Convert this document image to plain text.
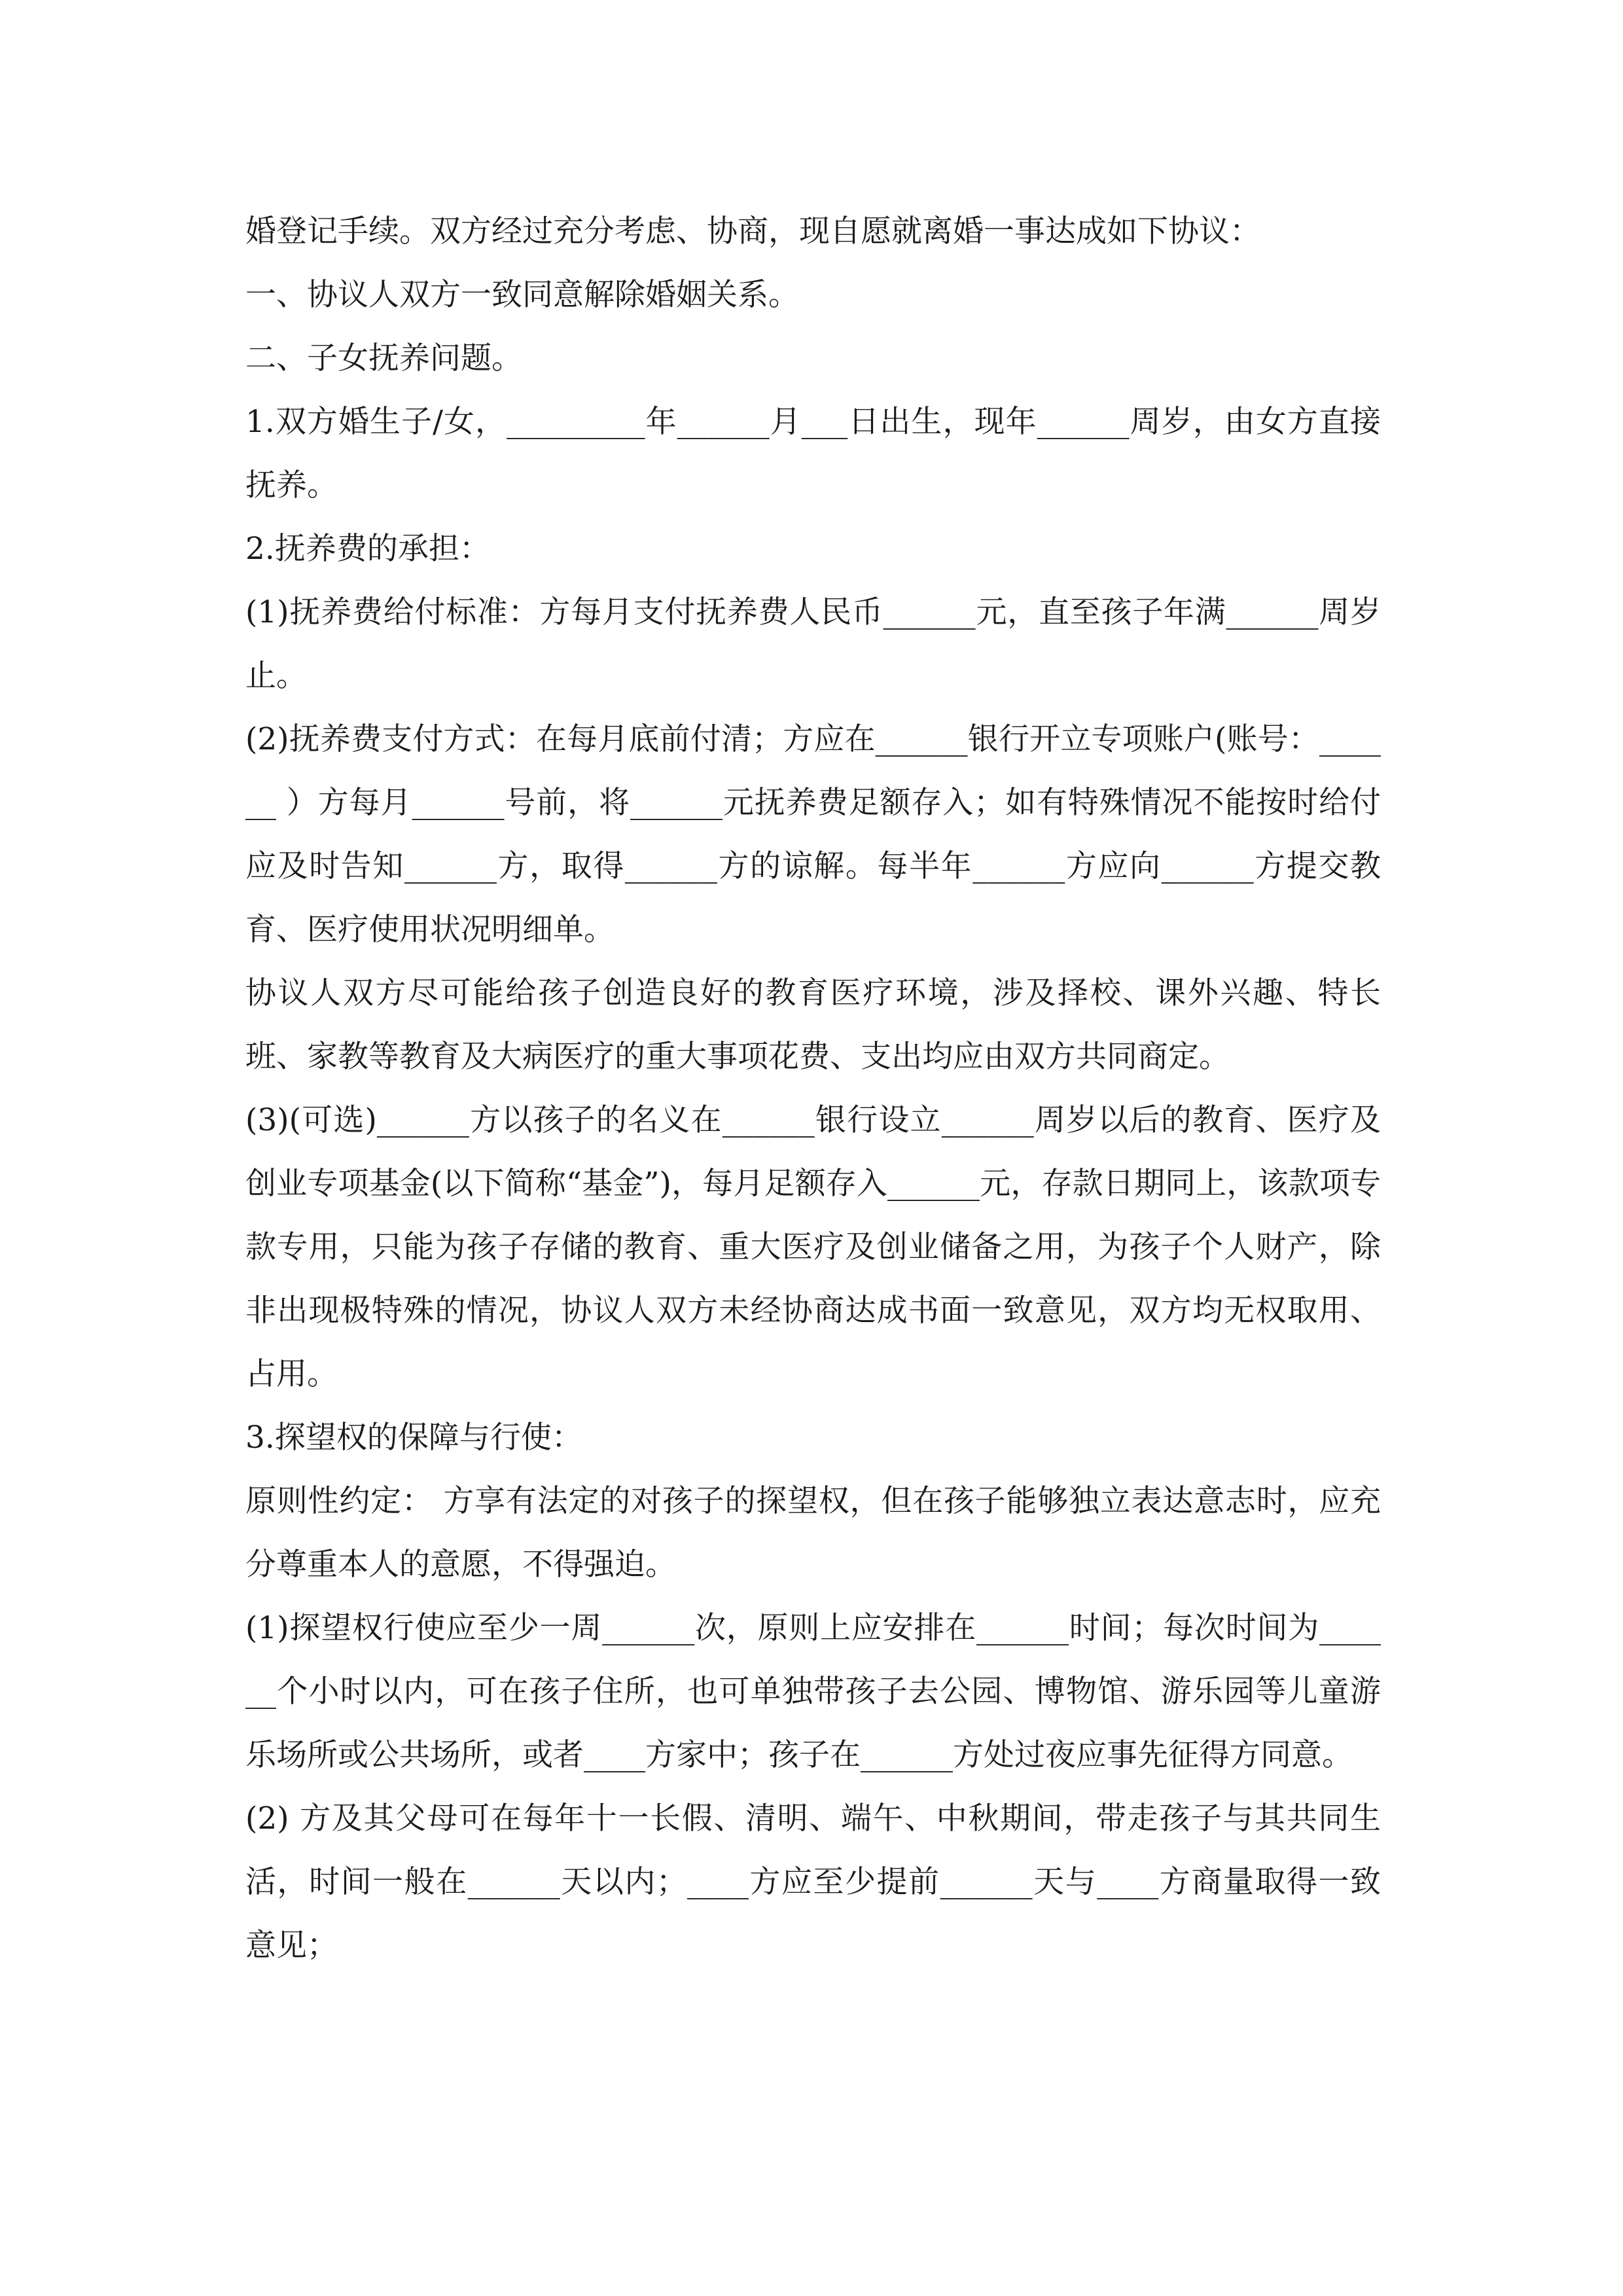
婚登记手续。双方经过充分考虑、协商，现自愿就离婚一事达成如下协议：

一、协议人双方一致同意解除婚姻关系。

二、子女抚养问题。

1.双方婚生子/女，_________年______月___日出生，现年______周岁，由女方直接抚养。

2.抚养费的承担：

(1)抚养费给付标准：方每月支付抚养费人民币______元，直至孩子年满______周岁止。

(2)抚养费支付方式：在每月底前付清；方应在______银行开立专项账户(账号：______ ）方每月______号前，将______元抚养费足额存入；如有特殊情况不能按时给付应及时告知______方，取得______方的谅解。每半年______方应向______方提交教育、医疗使用状况明细单。

协议人双方尽可能给孩子创造良好的教育医疗环境，涉及择校、课外兴趣、特长班、家教等教育及大病医疗的重大事项花费、支出均应由双方共同商定。

(3)(可选)______方以孩子的名义在______银行设立______周岁以后的教育、医疗及创业专项基金(以下简称“基金”)，每月足额存入______元，存款日期同上，该款项专款专用，只能为孩子存储的教育、重大医疗及创业储备之用，为孩子个人财产，除非出现极特殊的情况，协议人双方未经协商达成书面一致意见，双方均无权取用、占用。

3.探望权的保障与行使：

原则性约定： 方享有法定的对孩子的探望权，但在孩子能够独立表达意志时，应充分尊重本人的意愿，不得强迫。

(1)探望权行使应至少一周______次，原则上应安排在______时间；每次时间为______个小时以内，可在孩子住所，也可单独带孩子去公园、博物馆、游乐园等儿童游乐场所或公共场所，或者____方家中；孩子在______方处过夜应事先征得方同意。

(2) 方及其父母可在每年十一长假、清明、端午、中秋期间，带走孩子与其共同生活，时间一般在______天以内；____方应至少提前______天与____方商量取得一致意见；
